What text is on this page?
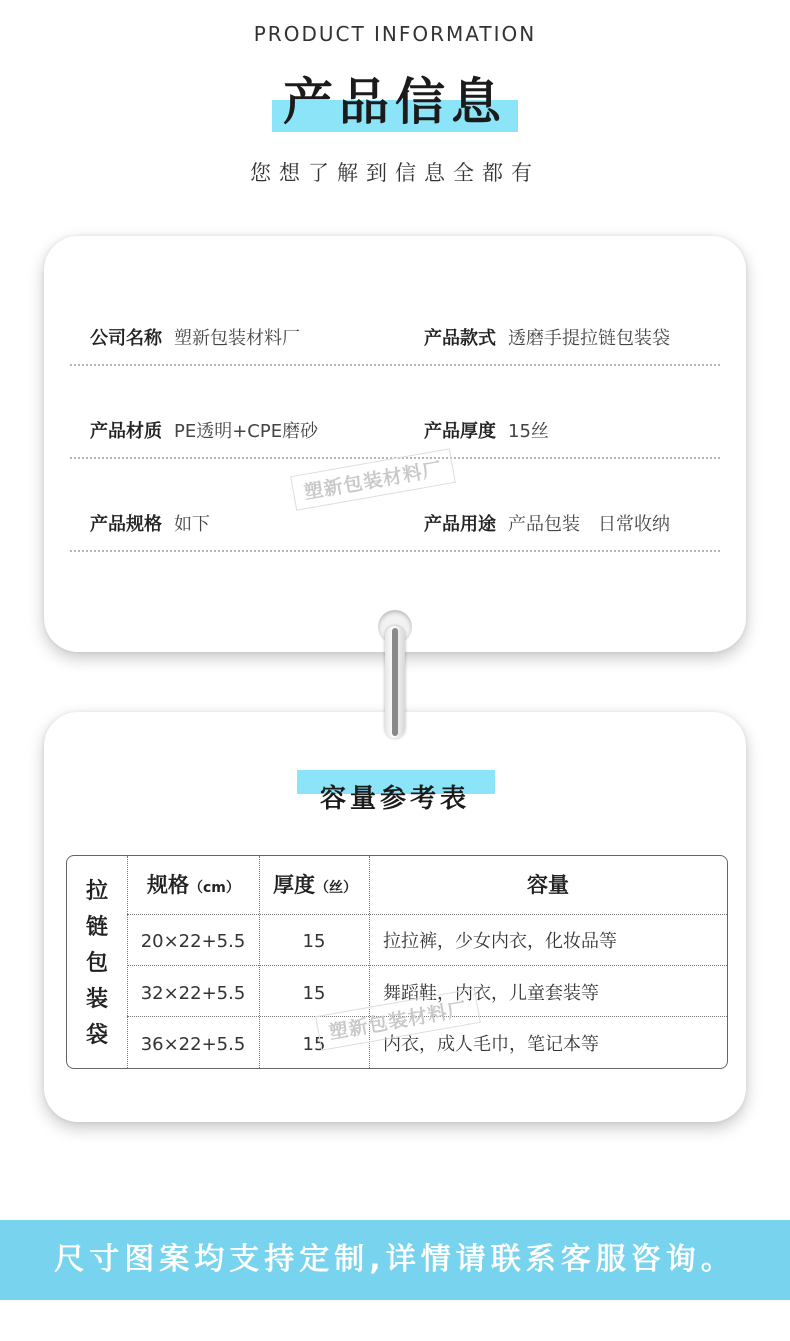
PRODUCT INFORMATION
产品信息
您想了解到信息全都有
公司名称 塑新包装材料厂	产品款式 透磨手提拉链包装袋
产品材质 PE透明+CPE磨砂	产品厚度 15丝
产品规格 如下	产品用途 产品包装　日常收纳
塑新包装材料厂
容量参考表
拉
链
包
装
袋
规格（cm） 厚度（丝）	容量
20×22+5.5	15	拉拉裤，少女内衣，化妆品等
32×22+5.5	15	舞蹈鞋，内衣，儿童套装等
36×22+5.5	15	内衣，成人毛巾，笔记本等
塑新包装材料厂
尺寸图案均支持定制,详情请联系客服咨询。
